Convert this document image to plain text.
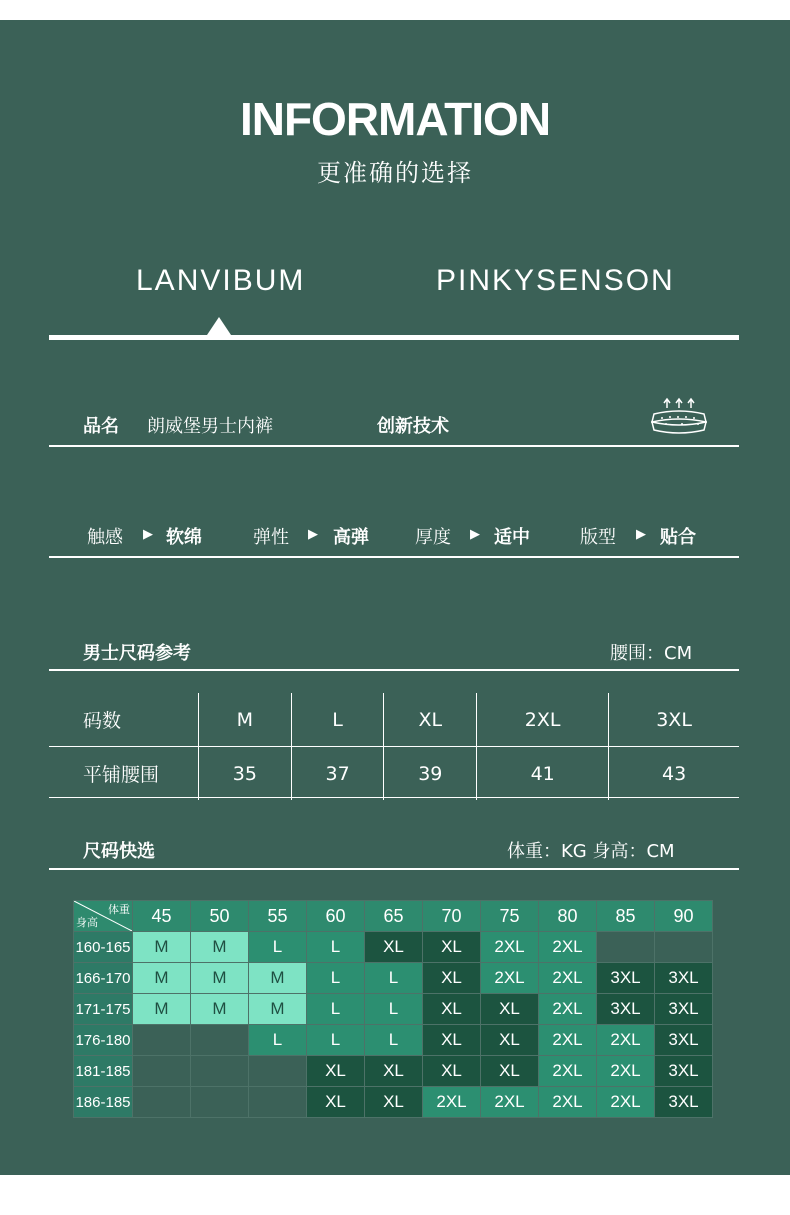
INFORMATION
更准确的选择
LANVIBUM	PINKYSENSON
品名 朗威堡男士内裤	创新技术
触感 ▶ 软绵	弹性 ▶ 高弹	厚度 ▶ 适中	版型 ▶ 贴合
男士尺码参考	腰围：CM
码数	M	L	XL	2XL	3XL
平铺腰围	35	37	39	41	43
尺码快选	体重：KG 身高：CM
体重
身高	45	50	55	60	65	70	75	80	85	90
160-165	M	M	L	L	XL	XL	2XL	2XL		
166-170	M	M	M	L	L	XL	2XL	2XL	3XL	3XL
171-175	M	M	M	L	L	XL	XL	2XL	3XL	3XL
176-180			L	L	L	XL	XL	2XL	2XL	3XL
181-185				XL	XL	XL	XL	2XL	2XL	3XL
186-185				XL	XL	2XL	2XL	2XL	2XL	3XL
